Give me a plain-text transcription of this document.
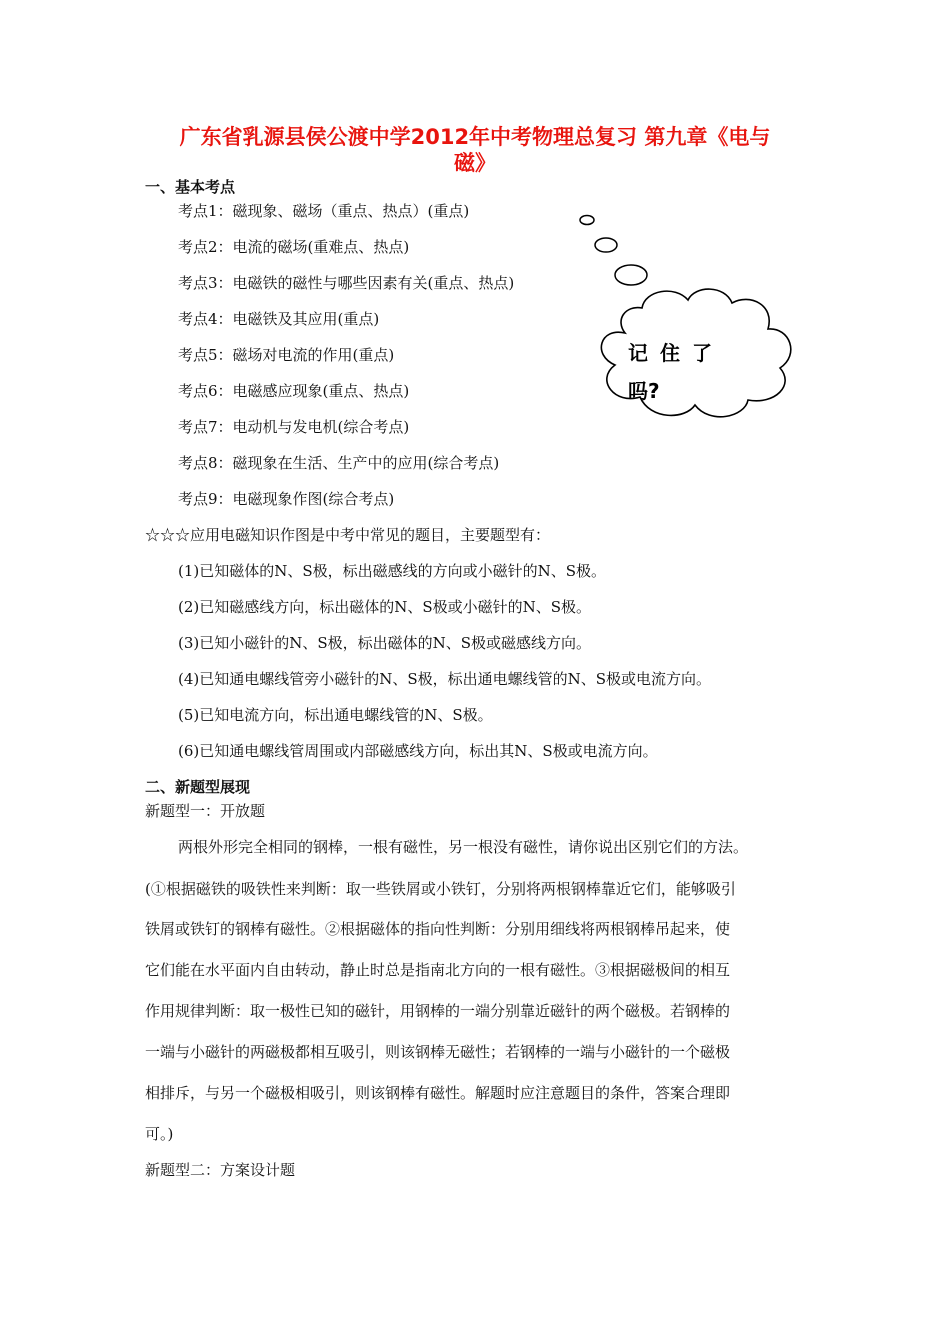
广东省乳源县侯公渡中学2012年中考物理总复习 第九章《电与
磁》
一、基本考点
考点1：磁现象、磁场（重点、热点）(重点)
考点2：电流的磁场(重难点、热点)
考点3：电磁铁的磁性与哪些因素有关(重点、热点)
考点4：电磁铁及其应用(重点)
考点5：磁场对电流的作用(重点)
考点6：电磁感应现象(重点、热点)
考点7：电动机与发电机(综合考点)
考点8：磁现象在生活、生产中的应用(综合考点)
考点9：电磁现象作图(综合考点)
☆☆☆应用电磁知识作图是中考中常见的题目，主要题型有：
(1)已知磁体的N、S极，标出磁感线的方向或小磁针的N、S极。
(2)已知磁感线方向，标出磁体的N、S极或小磁针的N、S极。
(3)已知小磁针的N、S极，标出磁体的N、S极或磁感线方向。
(4)已知通电螺线管旁小磁针的N、S极，标出通电螺线管的N、S极或电流方向。
(5)已知电流方向，标出通电螺线管的N、S极。
(6)已知通电螺线管周围或内部磁感线方向，标出其N、S极或电流方向。
记住了
吗?
二、新题型展现
新题型一：开放题
两根外形完全相同的钢棒，一根有磁性，另一根没有磁性，请你说出区别它们的方法。
(①根据磁铁的吸铁性来判断：取一些铁屑或小铁钉，分别将两根钢棒靠近它们，能够吸引
铁屑或铁钉的钢棒有磁性。②根据磁体的指向性判断：分别用细线将两根钢棒吊起来，使
它们能在水平面内自由转动，静止时总是指南北方向的一根有磁性。③根据磁极间的相互
作用规律判断：取一极性已知的磁针，用钢棒的一端分别靠近磁针的两个磁极。若钢棒的
一端与小磁针的两磁极都相互吸引，则该钢棒无磁性；若钢棒的一端与小磁针的一个磁极
相排斥，与另一个磁极相吸引，则该钢棒有磁性。解题时应注意题目的条件，答案合理即
可。)
新题型二：方案设计题
